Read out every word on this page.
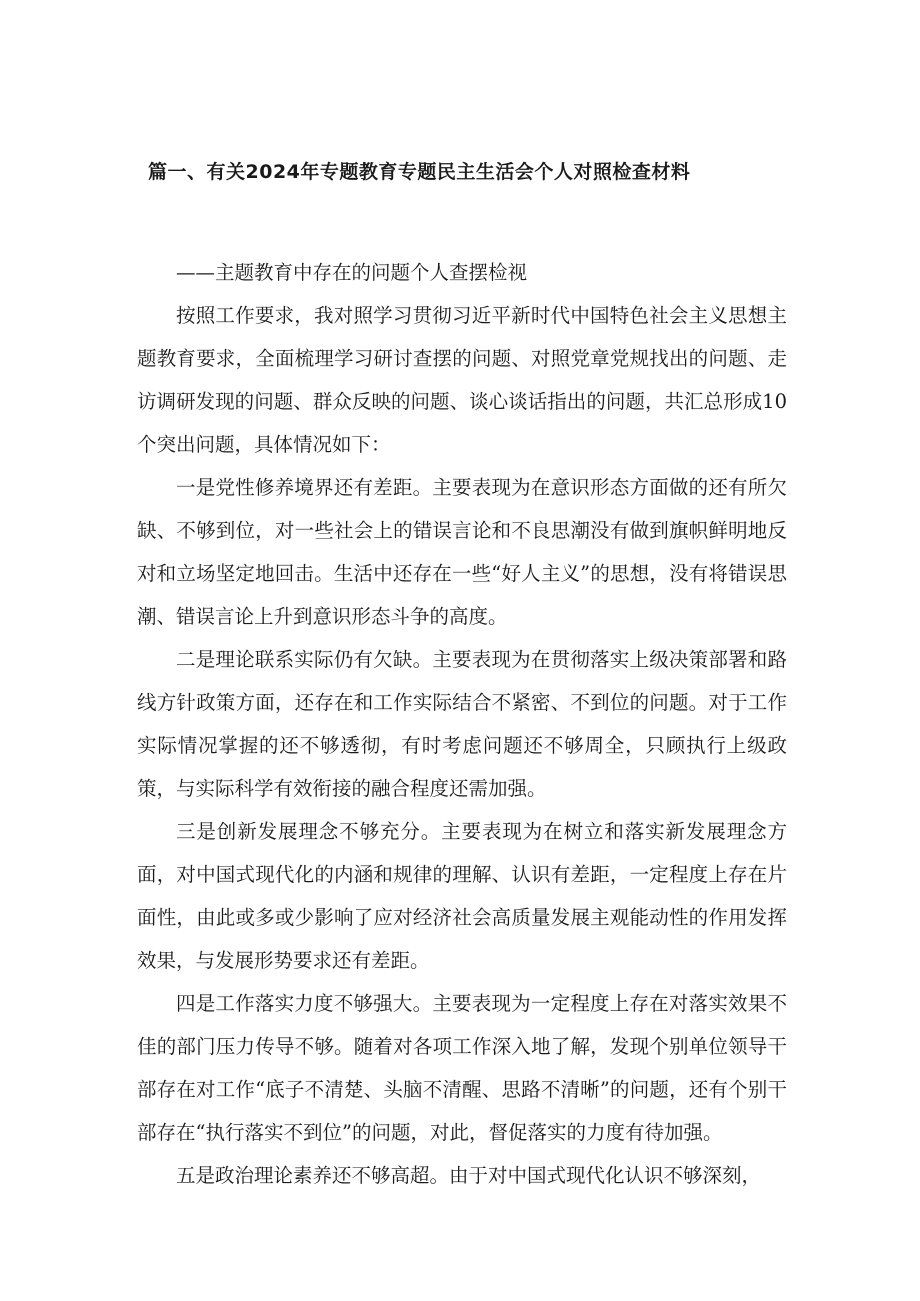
篇一、有关2024年专题教育专题民主生活会个人对照检查材料

——主题教育中存在的问题个人查摆检视

按照工作要求，我对照学习贯彻习近平新时代中国特色社会主义思想主题教育要求，全面梳理学习研讨查摆的问题、对照党章党规找出的问题、走访调研发现的问题、群众反映的问题、谈心谈话指出的问题，共汇总形成10个突出问题，具体情况如下：

一是党性修养境界还有差距。主要表现为在意识形态方面做的还有所欠缺、不够到位，对一些社会上的错误言论和不良思潮没有做到旗帜鲜明地反对和立场坚定地回击。生活中还存在一些“好人主义”的思想，没有将错误思潮、错误言论上升到意识形态斗争的高度。

二是理论联系实际仍有欠缺。主要表现为在贯彻落实上级决策部署和路线方针政策方面，还存在和工作实际结合不紧密、不到位的问题。对于工作实际情况掌握的还不够透彻，有时考虑问题还不够周全，只顾执行上级政策，与实际科学有效衔接的融合程度还需加强。

三是创新发展理念不够充分。主要表现为在树立和落实新发展理念方面，对中国式现代化的内涵和规律的理解、认识有差距，一定程度上存在片面性，由此或多或少影响了应对经济社会高质量发展主观能动性的作用发挥效果，与发展形势要求还有差距。

四是工作落实力度不够强大。主要表现为一定程度上存在对落实效果不佳的部门压力传导不够。随着对各项工作深入地了解，发现个别单位领导干部存在对工作“底子不清楚、头脑不清醒、思路不清晰”的问题，还有个别干部存在“执行落实不到位”的问题，对此，督促落实的力度有待加强。

五是政治理论素养还不够高超。由于对中国式现代化认识不够深刻，
